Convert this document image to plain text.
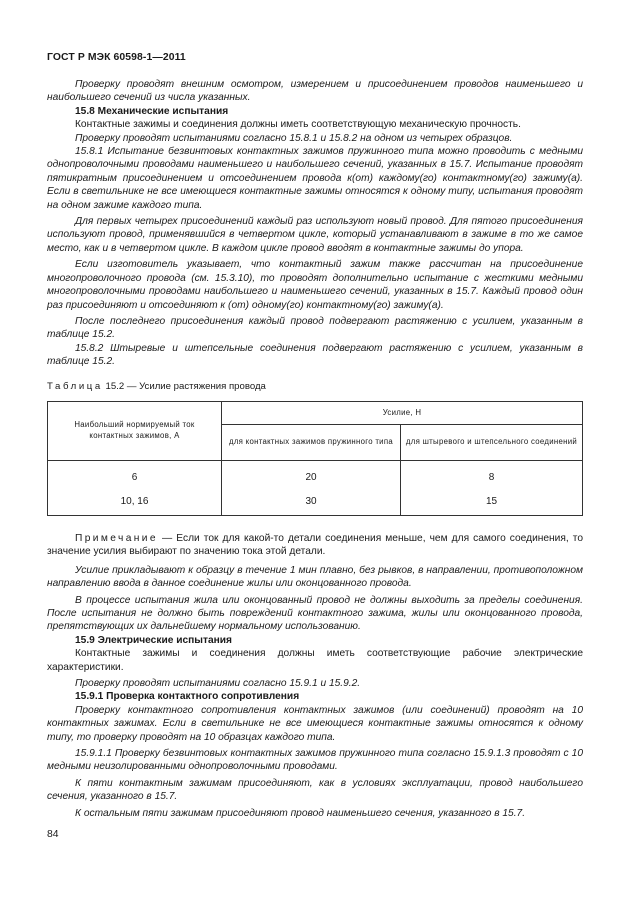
ГОСТ Р МЭК 60598-1—2011

Проверку проводят внешним осмотром, измерением и присоединением проводов наименьшего и наибольшего сечений из числа указанных.

15.8 Механические испытания

Контактные зажимы и соединения должны иметь соответствующую механическую прочность.

Проверку проводят испытаниями согласно 15.8.1 и 15.8.2 на одном из четырех образцов.

15.8.1 Испытание безвинтовых контактных зажимов пружинного типа можно проводить с медными однопроволочными проводами наименьшего и наибольшего сечений, указанных в 15.7. Испытание проводят пятикратным присоединением и отсоединением провода к(от) каждому(го) контактному(го) зажиму(а). Если в светильнике не все имеющиеся контактные зажимы относятся к одному типу, испытания проводят на одном зажиме каждого типа.

Для первых четырех присоединений каждый раз используют новый провод. Для пятого присоединения используют провод, применявшийся в четвертом цикле, который устанавливают в зажиме в то же самое место, как и в четвертом цикле. В каждом цикле провод вводят в контактные зажимы до упора.

Если изготовитель указывает, что контактный зажим также рассчитан на присоединение многопроволочного провода (см. 15.3.10), то проводят дополнительно испытание с жесткими медными многопроволочными проводами наибольшего и наименьшего сечений, указанных в 15.7. Каждый провод один раз присоединяют и отсоединяют к (от) одному(го) контактному(го) зажиму(а).

После последнего присоединения каждый провод подвергают растяжению с усилием, указанным в таблице 15.2.

15.8.2 Штыревые и штепсельные соединения подвергают растяжению с усилием, указанным в таблице 15.2.

Таблица 15.2 — Усилие растяжения провода

Наибольший нормируемый ток контактных зажимов, А	Усилие, Н	
	для контактных зажимов пружинного типа	для штыревого и штепсельного соединений
6	20	8
10, 16	30	15

Примечание — Если ток для какой-то детали соединения меньше, чем для самого соединения, то значение усилия выбирают по значению тока этой детали.

Усилие прикладывают к образцу в течение 1 мин плавно, без рывков, в направлении, противоположном направлению ввода в данное соединение жилы или оконцованного провода.

В процессе испытания жила или оконцованный провод не должны выходить за пределы соединения. После испытания не должно быть повреждений контактного зажима, жилы или оконцованного провода, препятствующих их дальнейшему нормальному использованию.

15.9 Электрические испытания

Контактные зажимы и соединения должны иметь соответствующие рабочие электрические характеристики.

Проверку проводят испытаниями согласно 15.9.1 и 15.9.2.

15.9.1 Проверка контактного сопротивления

Проверку контактного сопротивления контактных зажимов (или соединений) проводят на 10 контактных зажимах. Если в светильнике не все имеющиеся контактные зажимы относятся к одному типу, то проверку проводят на 10 образцах каждого типа.

15.9.1.1 Проверку безвинтовых контактных зажимов пружинного типа согласно 15.9.1.3 проводят с 10 медными неизолированными однопроволочными проводами.

К пяти контактным зажимам присоединяют, как в условиях эксплуатации, провод наибольшего сечения, указанного в 15.7.

К остальным пяти зажимам присоединяют провод наименьшего сечения, указанного в 15.7.

84
